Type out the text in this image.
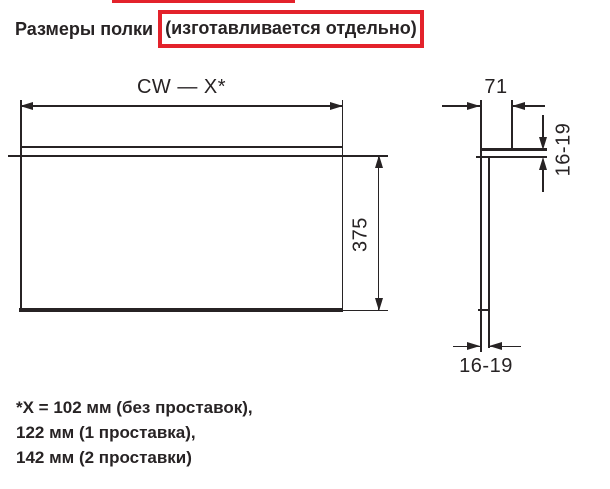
Размеры полки (изготавливается отдельно)
CW — X*
375
71
16-19
16-19
*X = 102 мм (без проставок),
122 мм (1 проставка),
142 мм (2 проставки)
